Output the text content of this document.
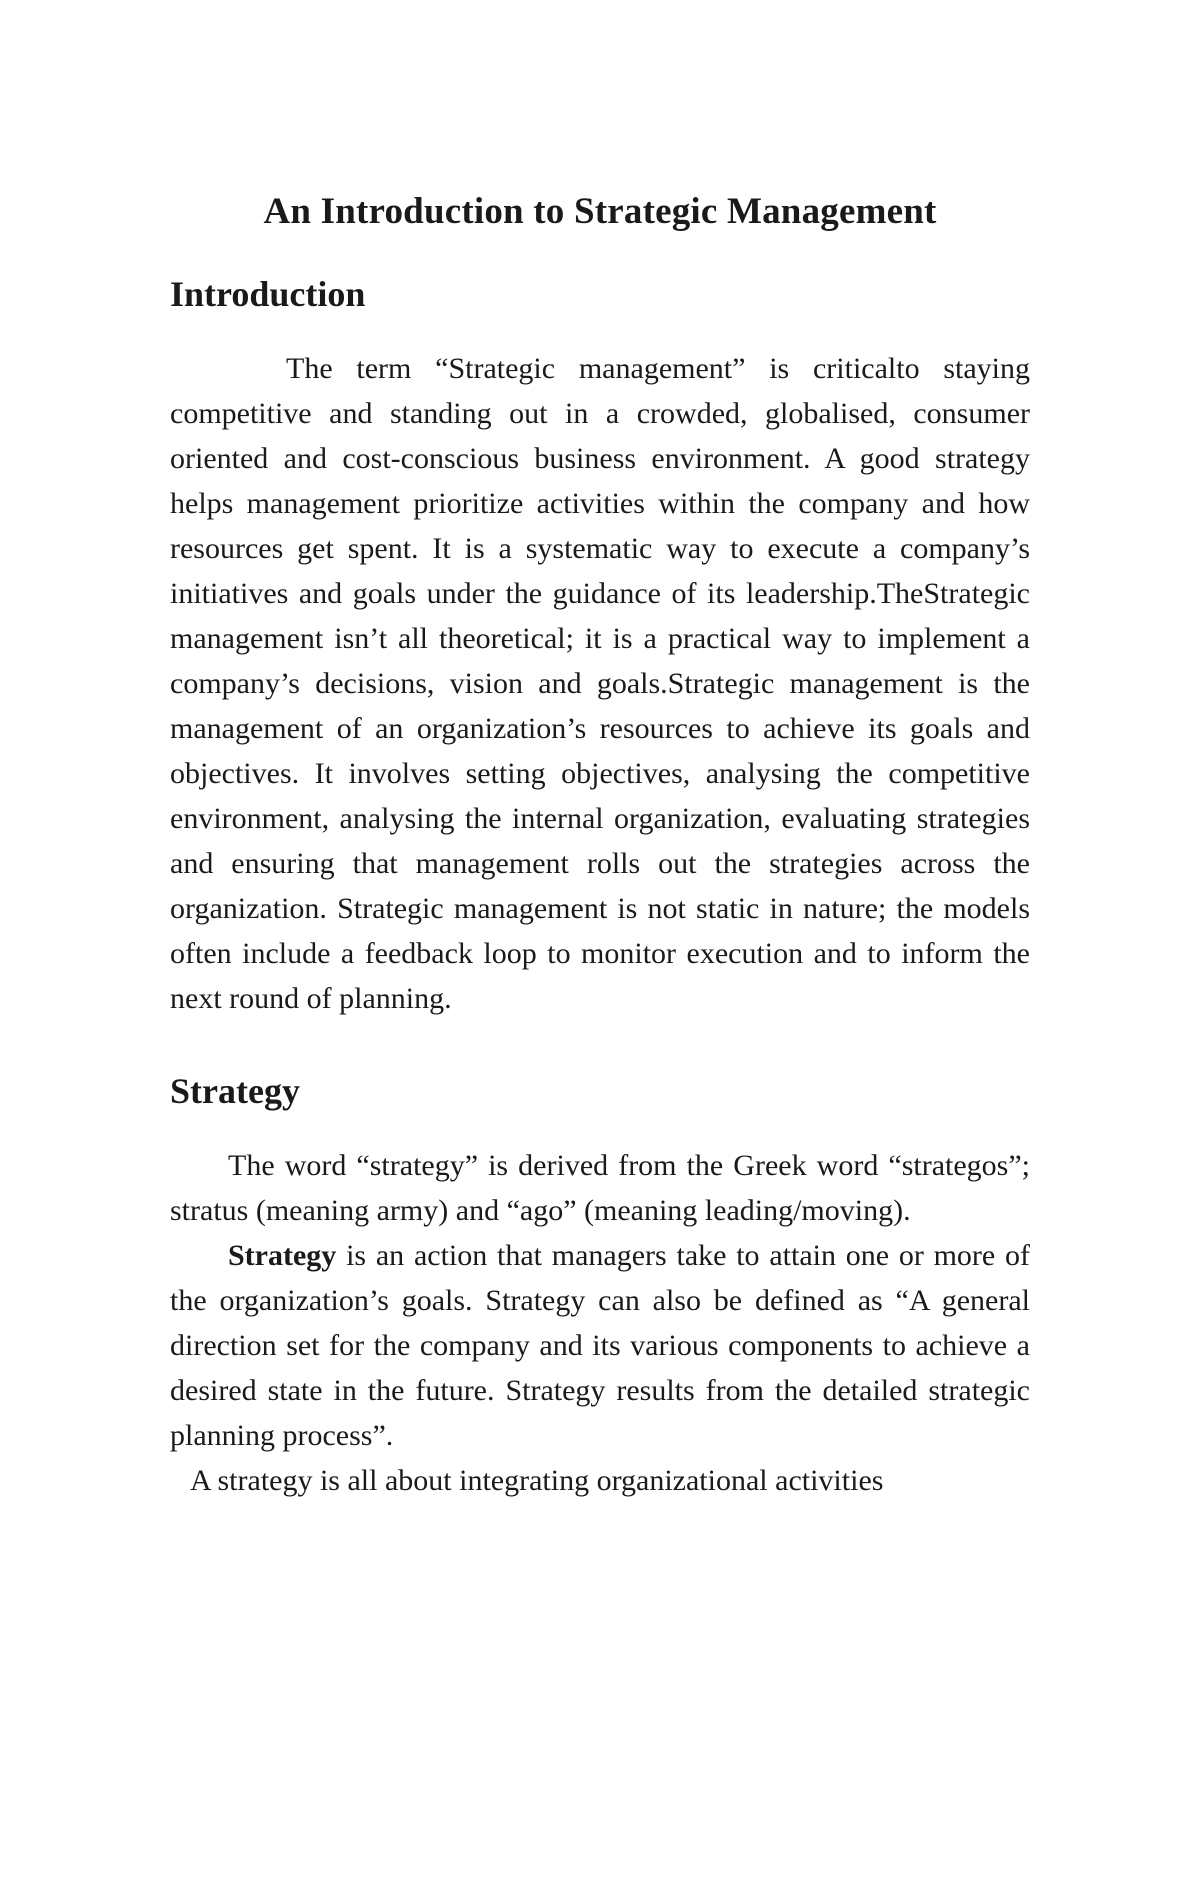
An Introduction to Strategic Management
Introduction

The term “Strategic management” is criticalto staying competitive and standing out in a crowded, globalised, consumer oriented and cost-conscious business environment. A good strategy helps management prioritize activities within the company and how resources get spent. It is a systematic way to execute a company’s initiatives and goals under the guidance of its leadership.TheStrategic management isn’t all theoretical; it is a practical way to implement a company’s decisions, vision and goals.Strategic management is the management of an organization’s resources to achieve its goals and objectives. It involves setting objectives, analysing the competitive environment, analysing the internal organization, evaluating strategies and ensuring that management rolls out the strategies across the organization. Strategic management is not static in nature; the models often include a feedback loop to monitor execution and to inform the next round of planning.

Strategy

The word “strategy” is derived from the Greek word “strategos”; stratus (meaning army) and “ago” (meaning leading/moving).

Strategy is an action that managers take to attain one or more of the organization’s goals. Strategy can also be defined as “A general direction set for the company and its various components to achieve a desired state in the future. Strategy results from the detailed strategic planning process”.

A strategy is all about integrating organizational activities
